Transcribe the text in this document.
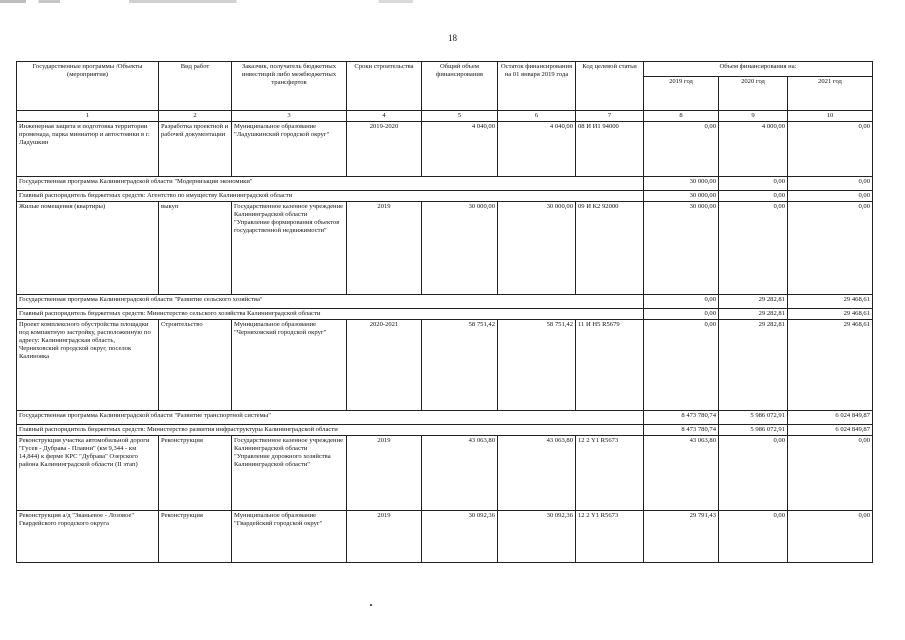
18
Государственные программы /Объекты (мероприятия)	Вид работ	Заказчик, получатель бюджетных инвестиций либо межбюджетных трансфертов	Сроки строительства	Общий объем финансирования	Остаток финансирования на 01 января 2019 года	Код целевой статьи	Объем финансирования на:		
							2019 год	2020 год	2021 год
1	2	3	4	5	6	7	8	9	10
Инженерная защита и подготовка территории променада, парка миниатюр и автостоянки в г. Ладушкин	Разработка проектной и рабочей документации	Муниципальное образование "Ладушкинский городской округ"	2019-2020	4 040,00	4 040,00	08 И И1 94000	0,00	4 000,00	0,00
Государственная программа Калининградской области "Модернизация экономики"							30 000,00	0,00	0,00
Главный распорядитель бюджетных средств: Агентство по имуществу Калининградской области							30 000,00	0,00	0,00
Жилые помещения (квартиры)	выкуп	Государственное казенное учреждение Калининградской области "Управление формирования объектов государственной недвижимости"	2019	30 000,00	30 000,00	09 И К2 92000	30 000,00	0,00	0,00
Государственная программа Калининградской области "Развитие сельского хозяйства"							0,00	29 282,81	29 468,61
Главный распорядитель бюджетных средств: Министерство сельского хозяйства Калининградской области							0,00	29 282,81	29 468,61
Проект комплексного обустройства площадки под компактную застройку, расположенную по адресу: Калининградская область, Черняховский городской округ, поселок Калиновка	Строительство	Муниципальное образование "Черняховский городской округ"	2020-2021	58 751,42	58 751,42	11 И Н5 R5679	0,00	29 282,81	29 468,61
Государственная программа Калининградской области "Развитие транспортной системы"							8 473 780,74	5 986 072,91	6 024 849,87
Главный распорядитель бюджетных средств: Министерство развития инфраструктуры Калининградской области							8 473 780,74	5 986 072,91	6 024 849,87
Реконструкция участка автомобильной дороги "Гусев - Дубрава - Плавни" (км 9,344 - км 14,844) к ферме КРС "Дубрава" Озерского района Калининградской области (II этап)	Реконструкция	Государственное казенное учреждение Калининградской области "Управление дорожного хозяйства Калининградской области"	2019	43 063,80	43 063,80	12 2 Y1 R5673	43 063,80	0,00	0,00
Реконструкция а/д "Званьевое - Лозовое" Гвардейского городского округа	Реконструкция	Муниципальное образование "Гвардейский городской округ"	2019	30 092,36	30 092,36	12 2 Y1 R5673	29 791,43	0,00	0,00
